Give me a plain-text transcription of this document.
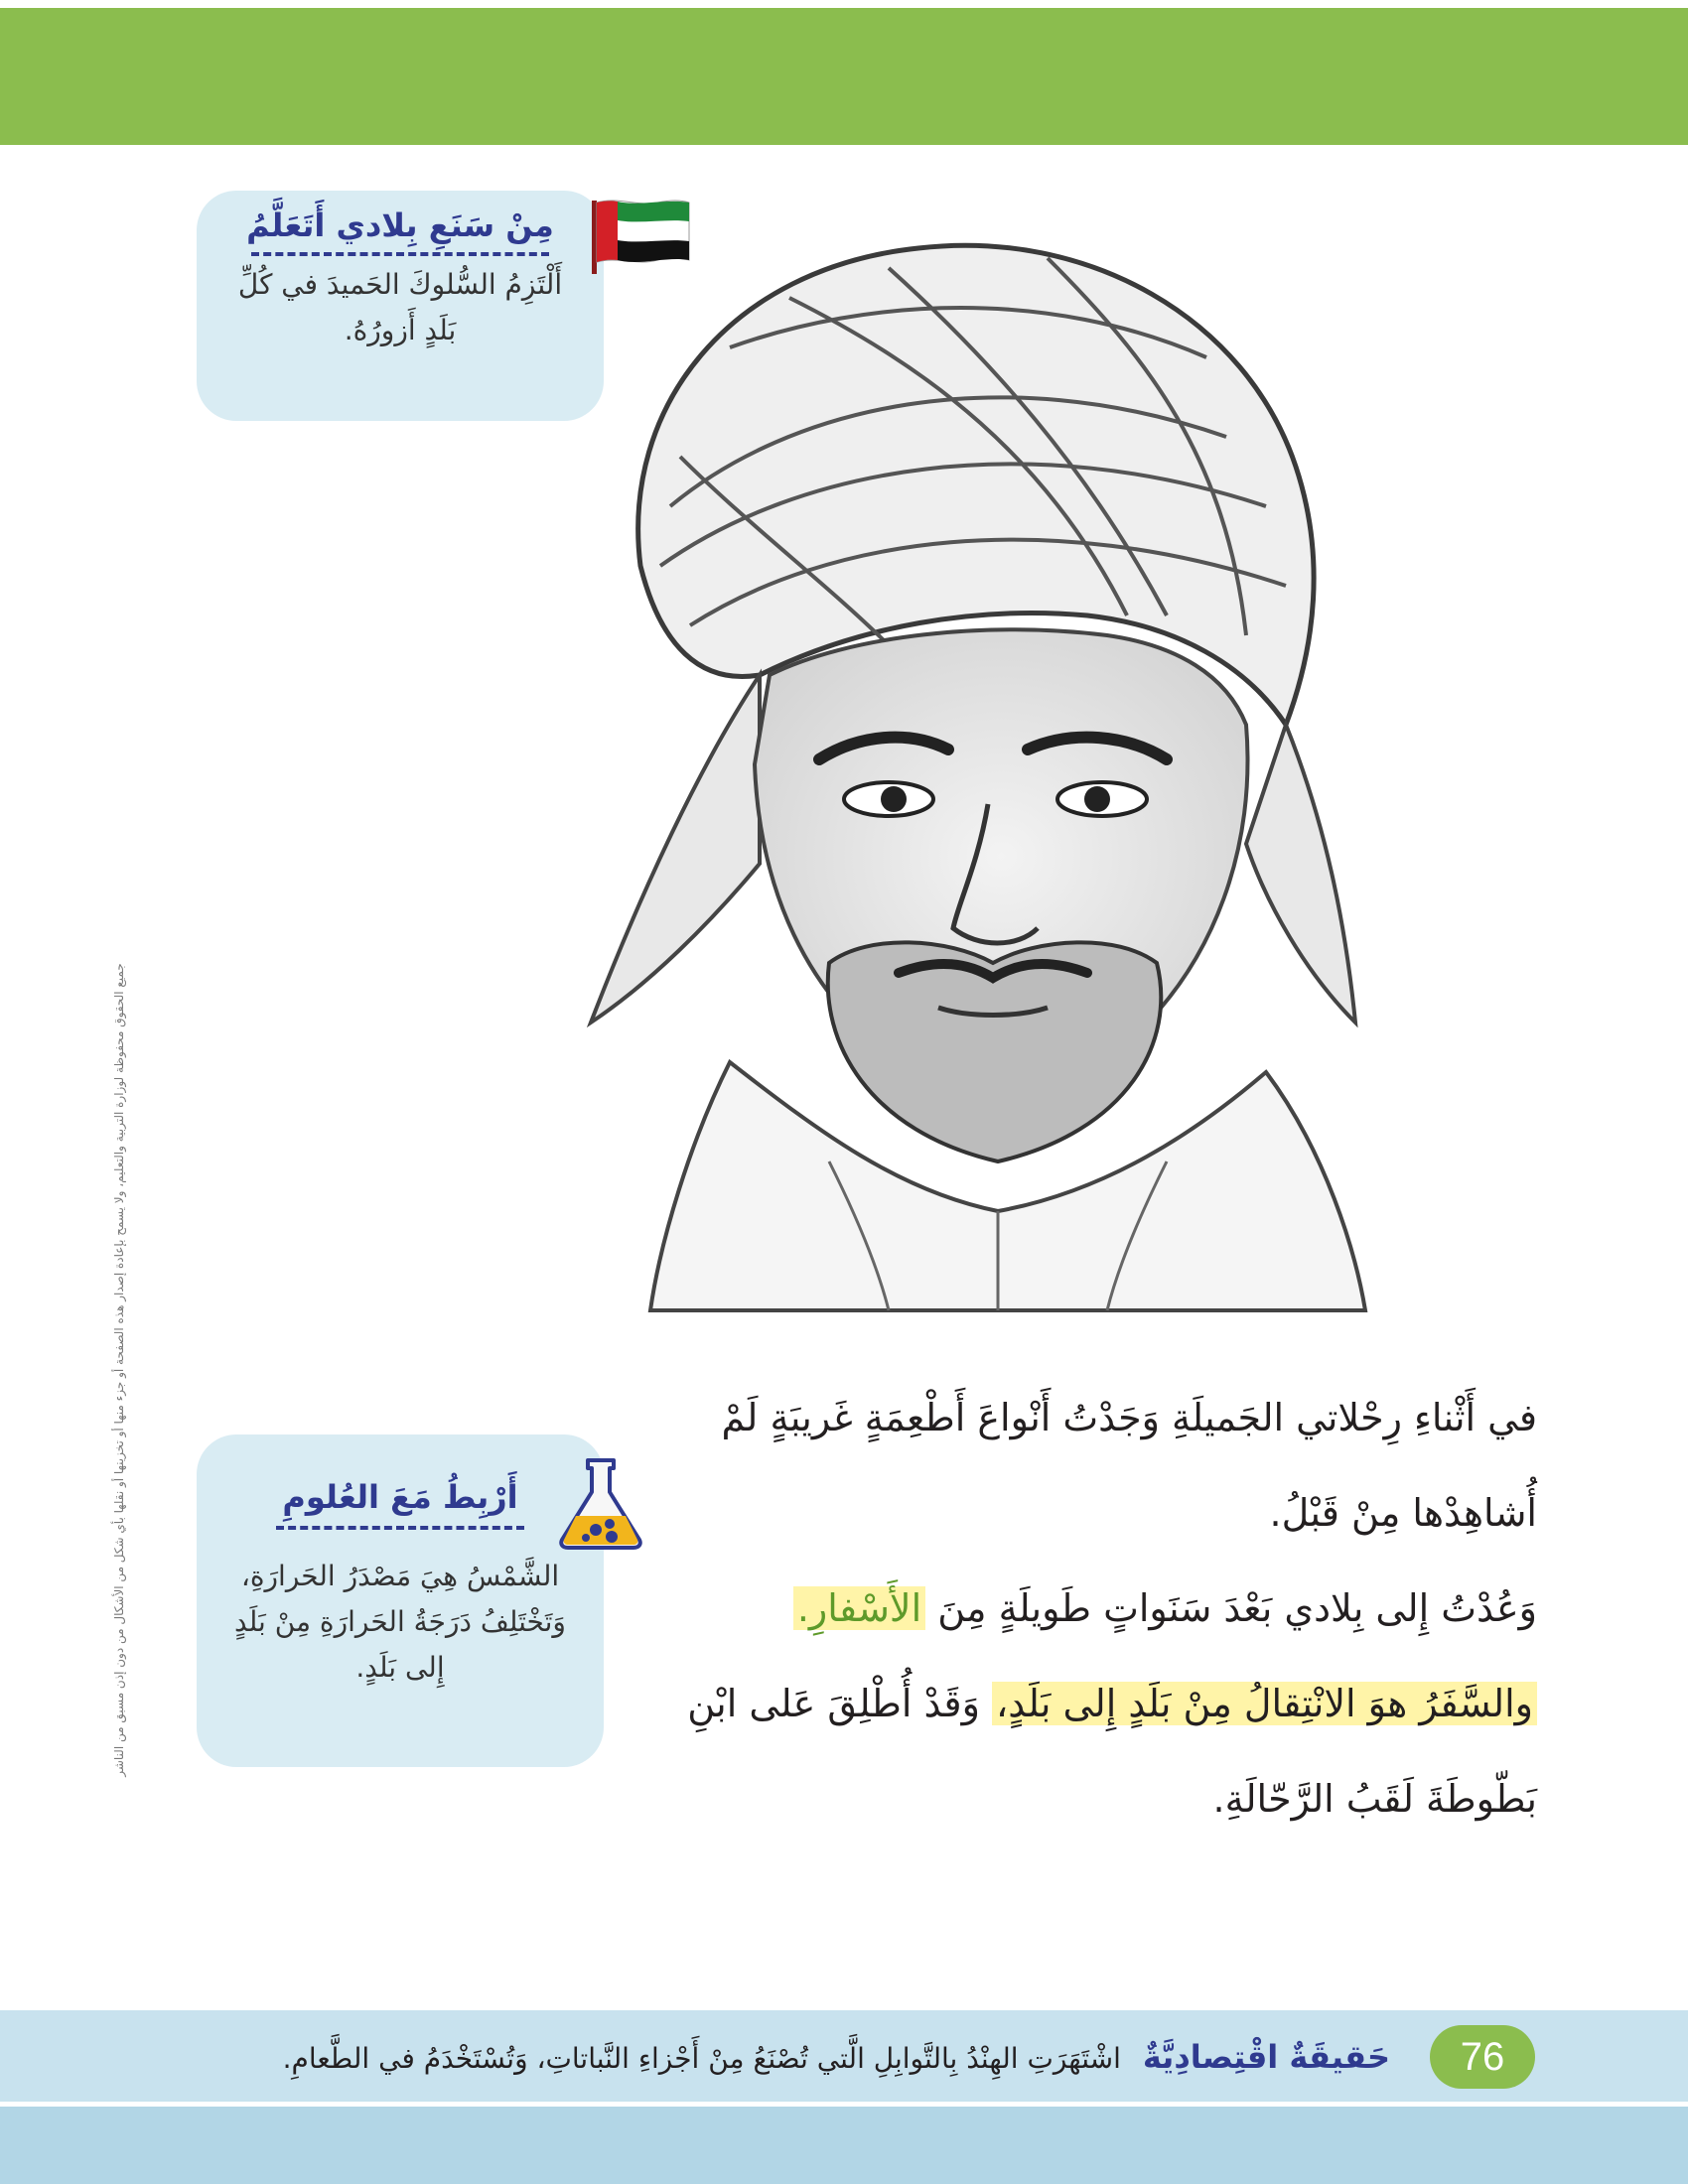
مِنْ سَنَعِ بِلادي أَتَعَلَّمُ
أَلْتَزِمُ السُّلوكَ الحَميدَ في كُلِّ بَلَدٍ أَزورُهُ.
أَرْبِطُ مَعَ العُلومِ
الشَّمْسُ هِيَ مَصْدَرُ الحَرارَةِ، وَتَخْتَلِفُ دَرَجَةُ الحَرارَةِ مِنْ بَلَدٍ إِلى بَلَدٍ.

في أَثْناءِ رِحْلاتي الجَميلَةِ وَجَدْتُ أَنْواعَ أَطْعِمَةٍ غَريبَةٍ لَمْ أُشاهِدْها مِنْ قَبْلُ.

وَعُدْتُ إِلى بِلادي بَعْدَ سَنَواتٍ طَويلَةٍ مِنَ الأَسْفارِ.

والسَّفَرُ هوَ الانْتِقالُ مِنْ بَلَدٍ إِلى بَلَدٍ، وَقَدْ أُطْلِقَ عَلى ابْنِ بَطّوطَةَ لَقَبُ الرَّحّالَةِ.

جميع الحقوق محفوظة لوزارة التربية والتعليم، ولا يسمح بإعادة إصدار هذه الصفحة أو جزء منها أو تخزينها أو نقلها بأي شكل من الأشكال من دون إذن مسبق من الناشر
76
حَقيقَةٌ اقْتِصادِيَّةٌاشْتَهَرَتِ الهِنْدُ بِالتَّوابِلِ الَّتي تُصْنَعُ مِنْ أَجْزاءِ النَّباتاتِ، وَتُسْتَخْدَمُ في الطَّعامِ.
